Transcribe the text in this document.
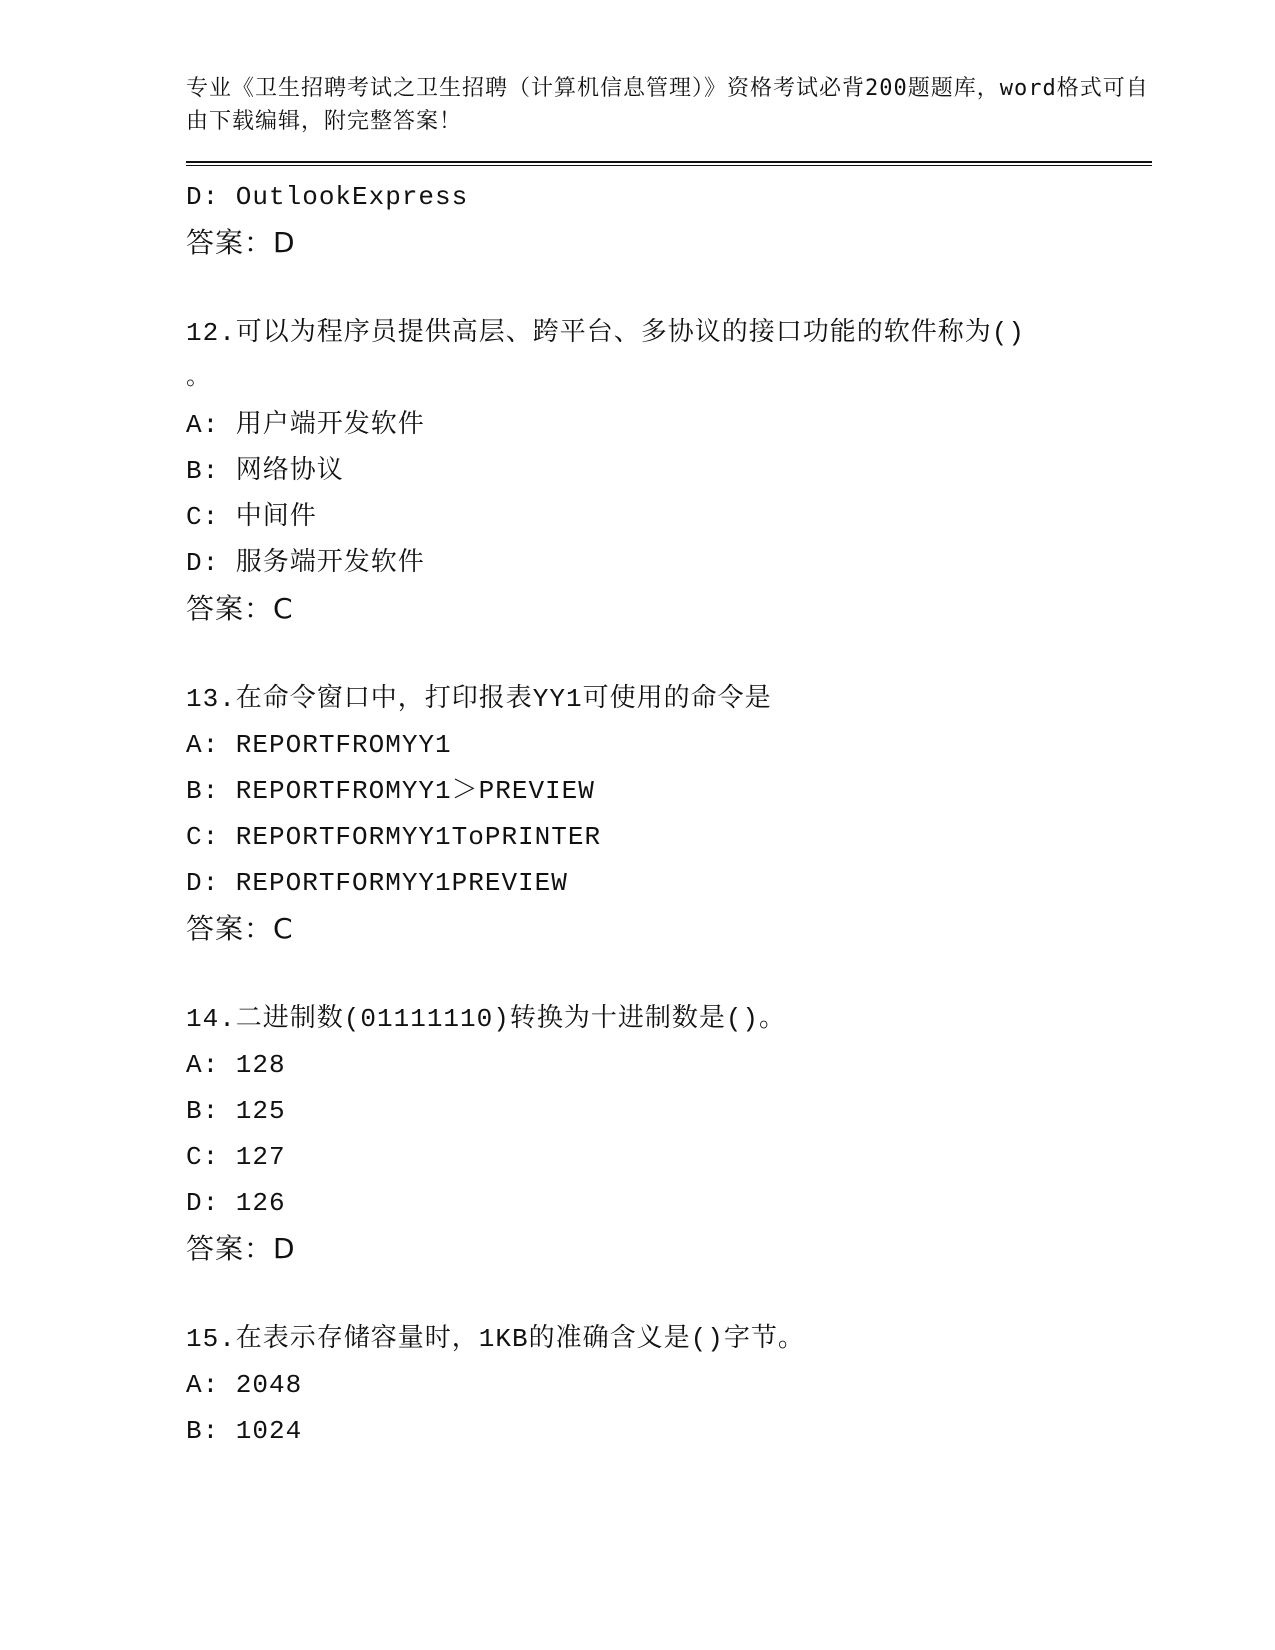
专业《卫生招聘考试之卫生招聘（计算机信息管理）》资格考试必背200题题库，word格式可自由下载编辑，附完整答案！
D: OutlookExpress
答案：D
12.可以为程序员提供高层、跨平台、多协议的接口功能的软件称为()
。
A: 用户端开发软件
B: 网络协议
C: 中间件
D: 服务端开发软件
答案：C
13.在命令窗口中，打印报表YY1可使用的命令是
A: REPORTFROMYY1
B: REPORTFROMYY1＞PREVIEW
C: REPORTFORMYY1ToPRINTER
D: REPORTFORMYY1PREVIEW
答案：C
14.二进制数(01111110)转换为十进制数是()。
A: 128
B: 125
C: 127
D: 126
答案：D
15.在表示存储容量时，1KB的准确含义是()字节。
A: 2048
B: 1024
